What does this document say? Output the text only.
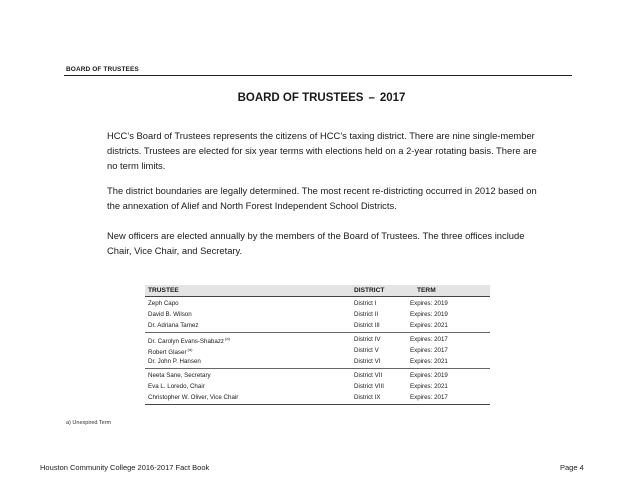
BOARD OF TRUSTEES
BOARD OF TRUSTEES – 2017
HCC’s Board of Trustees represents the citizens of HCC’s taxing district. There are nine single-member districts. Trustees are elected for six year terms with elections held on a 2-year rotating basis. There are no term limits.
The district boundaries are legally determined. The most recent re-districting occurred in 2012 based on the annexation of Alief and North Forest Independent School Districts.
New officers are elected annually by the members of the Board of Trustees. The three offices include Chair, Vice Chair, and Secretary.
TRUSTEE	DISTRICT	TERM
Zeph Capo	District I	Expires: 2019
David B. Wilson	District II	Expires: 2019
Dr. Adriana Tamez	District III	Expires: 2021
Dr. Carolyn Evans-Shabazz$^{(a)}$	District IV	Expires: 2017
Robert Glaser$^{(a)}$	District V	Expires: 2017
Dr. John P. Hansen	District VI	Expires: 2021
Neeta Sane, Secretary	District VII	Expires: 2019
Eva L. Loredo, Chair	District VIII	Expires: 2021
Christopher W. Oliver, Vice Chair	District IX	Expires: 2017
a) Unexpired Term
Houston Community College 2016-2017 Fact Book	Page 4
